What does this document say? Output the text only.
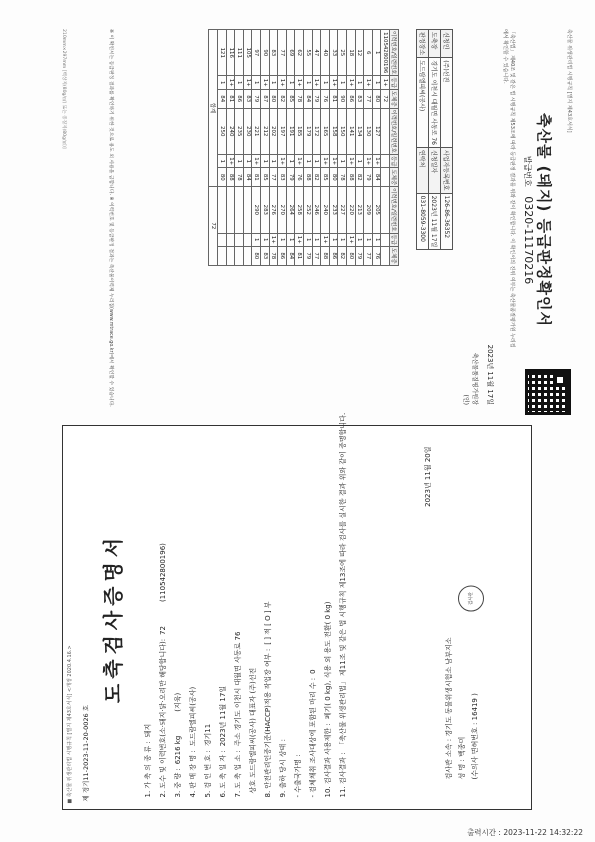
축산물 위생관리법 시행규칙 [별지 제43호서식]
축산물 (돼지) 등급판정확인서
발급번호 0320-11170216
「축산법」 제40조 및 같은 법 시행규칙 제53조에 따라 등급판정 결과를 위와 같이 확인합니다. 이 확인서의 진위 여부는 축산물품질평가원 누리집에서 확인할 수 있습니다.
2023년 11월 17일
축산물품질평가원장
(인)
신청인	(주)선진	사업자등록번호	126-86-36352
도축장	경기도 이천시 대월면 사동로 76	신청일자	2023년 11월 17일
판정장소	도드람엘피씨(공사)	연락처	031-8059-3300
이력번호/일련번호	등급	도체중	이력번호/일련번호	등급	도체중	이력번호/일련번호	등급	도체중
110542800196	1+	72						
1	1	80	127	1+	84	205	1	76
6	1+	77	130	1+	79	209	1	77
12	1	83	134	1	82	213	1	79
18	1+	86	141	1+	88	220	1+	80
25	1	90	150	1	78	227	1	82
33	1+	81	158	1+	80	233	1	86
40	1	76	165	1+	85	240	1+	88
47	1+	79	172	1	82	246	1	77
55	1	84	179	1	88	252	1	79
62	1+	78	185	1+	76	258	1+	81
69	1	85	191	1	79	264	1	84
77	1+	82	197	1+	83	270	1	86
83	1	80	202	1	77	276	1+	78
90	1+	87	212	1	85	283	1	83
97	1	79	221	1+	81	290	1	80
105	1+	83	230	1	84			
111	1	86	235	1	78			
116	1+	81	240	1+	88			
121	1	84	250	1	80			
합계						72		
※ 이 확인서는 등급판정 결과를 확인하기 위한 것으로 용도 외 사용을 금합니다. ※ 이력번호 및 등급판정 결과는 축산물이력제 누리집(www.mtrace.go.kr)에서 확인할 수 있습니다.
210mm×297mm [백상지(80g/㎡) 또는 중질지(80g/㎡)]
■ 축산물 위생관리법 시행규칙 [별지 제43호서식] <개정 2020.4.16.> 제 경기11-2023-11-20-0026 호
도축검사증명서
1. 가 축 의 종 류 :돼지	2. 도수 및 이력번호(소·돼지·닭·오리만 해당합니다):72(110542800196)
3. 중 량 :6216 kg(지육)
4. 판 매 장 명 :도드람엘피씨(공사)
5. 검 인 번 호 :경기11
6. 도 축 일 자 :2023년 11월 17일
7. 도 축 업 소 :주소 경기도 이천시 대월면 사동로 76	상호 도드람엘피씨(공사) 대표자 (주)선진	8. 안전관리인증기준(HACCP)적용 작업장 여부 :[ ] 적 [ O ] 부
9. 출하 당시 상태 :	- 수출국가명 :	- 검체채취 조사대상에 포함된 마리 수 :0
10. 검사결과 사용제한 :폐기( 0 kg), 식용 외 용도 전환( 0 kg)
11. 검사결과 :「축산물 위생관리법」 제11조 및 같은 법 시행규칙 제13조에 따라 검사를 실시한 결과 위와 같이 증명합니다.	2023년 11월 20일
검사관 소속 : 경기도 동물위생시험소 남부지소
성 명 : 백종미 (수의사 면허번호 : 16419 )
검사관
출력시간 : 2023-11-22 14:32:22
